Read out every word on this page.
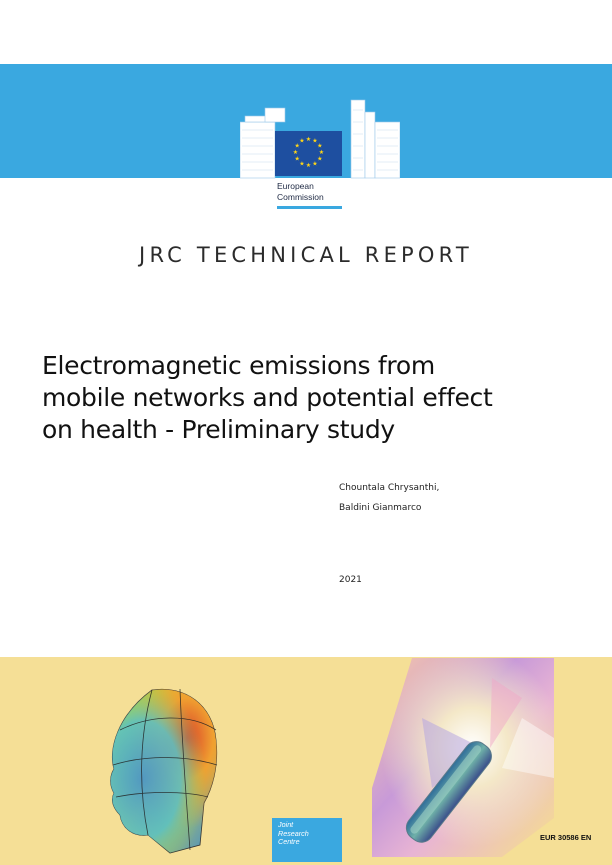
★ ★
★
★
★
★
★
★
★
★
★
★
European
Commission
JRC TECHNICAL REPORT
Electromagnetic emissions from
mobile networks and potential effect
on health - Preliminary study
Chountala Chrysanthi,
Baldini Gianmarco
2021
Joint
Research
Centre	EUR 30586 EN
